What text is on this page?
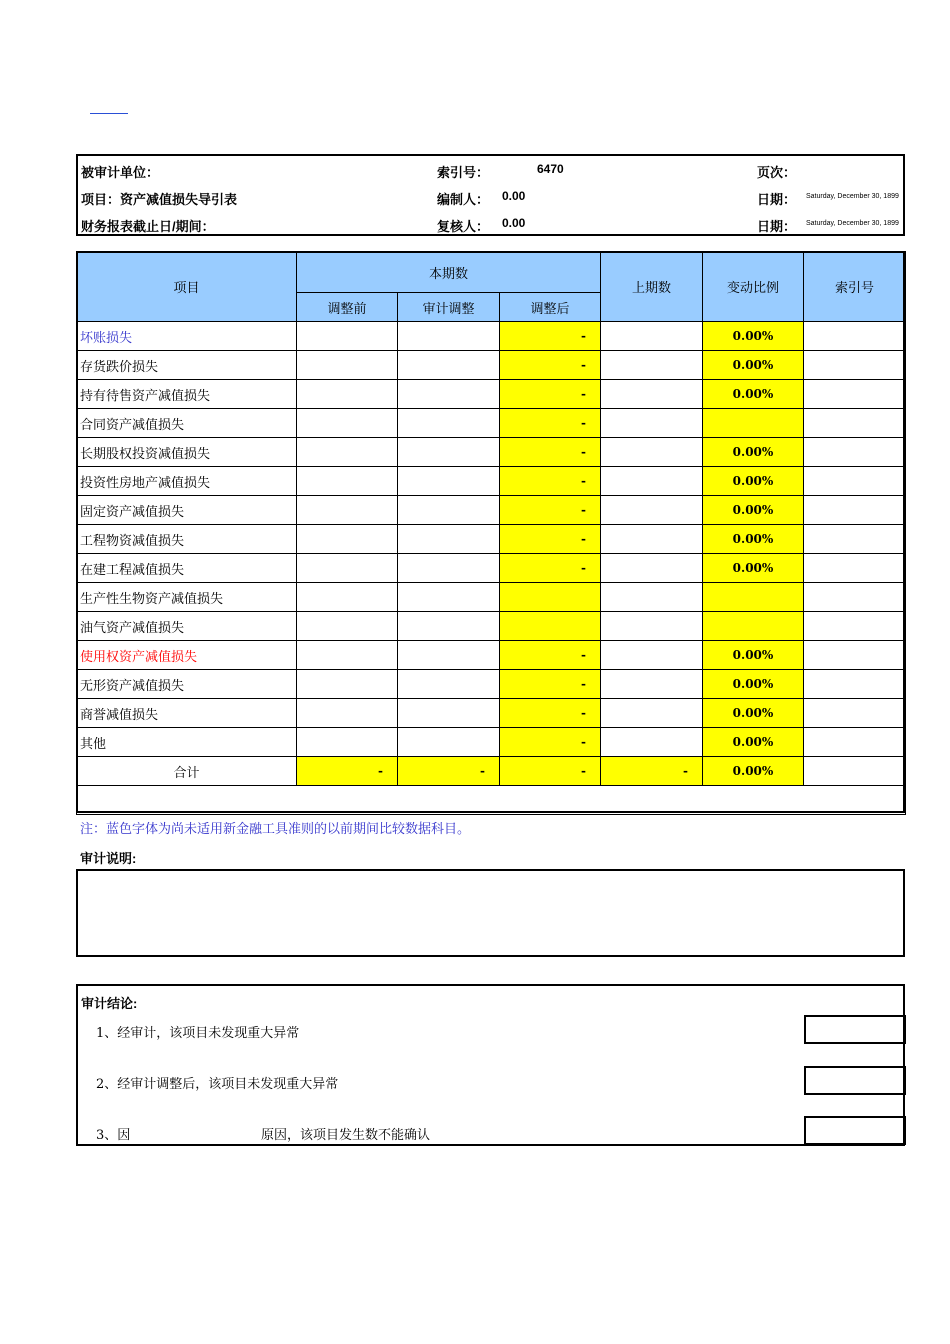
被审计单位：
项目：资产减值损失导引表
财务报表截止日/期间：
索引号：	6470
编制人： 0.00
复核人： 0.00
页次：
日期： Saturday, December 30, 1899
日期： Saturday, December 30, 1899
项目	本期数			上期数	变动比例	索引号
	调整前	审计调整	调整后			
坏账损失			-		0.00%	
存货跌价损失			-		0.00%	
持有待售资产减值损失			-		0.00%	
合同资产减值损失			-			
长期股权投资减值损失			-		0.00%	
投资性房地产减值损失			-		0.00%	
固定资产减值损失			-		0.00%	
工程物资减值损失			-		0.00%	
在建工程减值损失			-		0.00%	
生产性生物资产减值损失						
油气资产减值损失						
使用权资产减值损失			-		0.00%	
无形资产减值损失			-		0.00%	
商誉减值损失			-		0.00%	
其他			-		0.00%	
合计	-	-	-	-	0.00%	

注：蓝色字体为尚未适用新金融工具准则的以前期间比较数据科目。
审计说明:
审计结论:
1、经审计，该项目未发现重大异常
2、经审计调整后，该项目未发现重大异常
3、因	原因，该项目发生数不能确认
